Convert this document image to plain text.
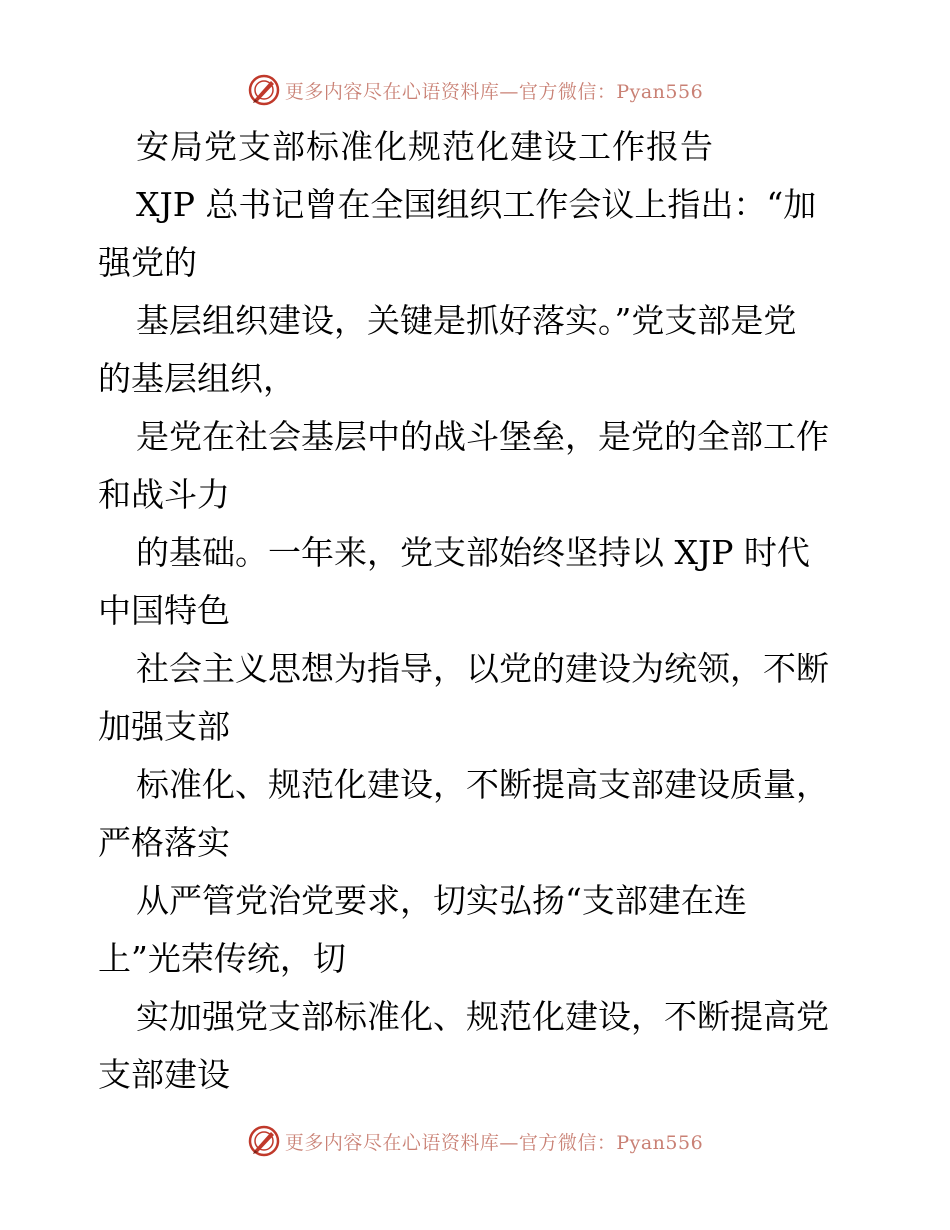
更多内容尽在心语资料库—官方微信：Pyan556
安局党支部标准化规范化建设工作报告
XJP 总书记曾在全国组织工作会议上指出：“加
强党的
基层组织建设，关键是抓好落实。”党支部是党
的基层组织，
是党在社会基层中的战斗堡垒，是党的全部工作
和战斗力
的基础。一年来，党支部始终坚持以 XJP 时代
中国特色
社会主义思想为指导，以党的建设为统领，不断
加强支部
标准化、规范化建设，不断提高支部建设质量，
严格落实
从严管党治党要求，切实弘扬“支部建在连
上”光荣传统，切
实加强党支部标准化、规范化建设，不断提高党
支部建设
更多内容尽在心语资料库—官方微信：Pyan556
